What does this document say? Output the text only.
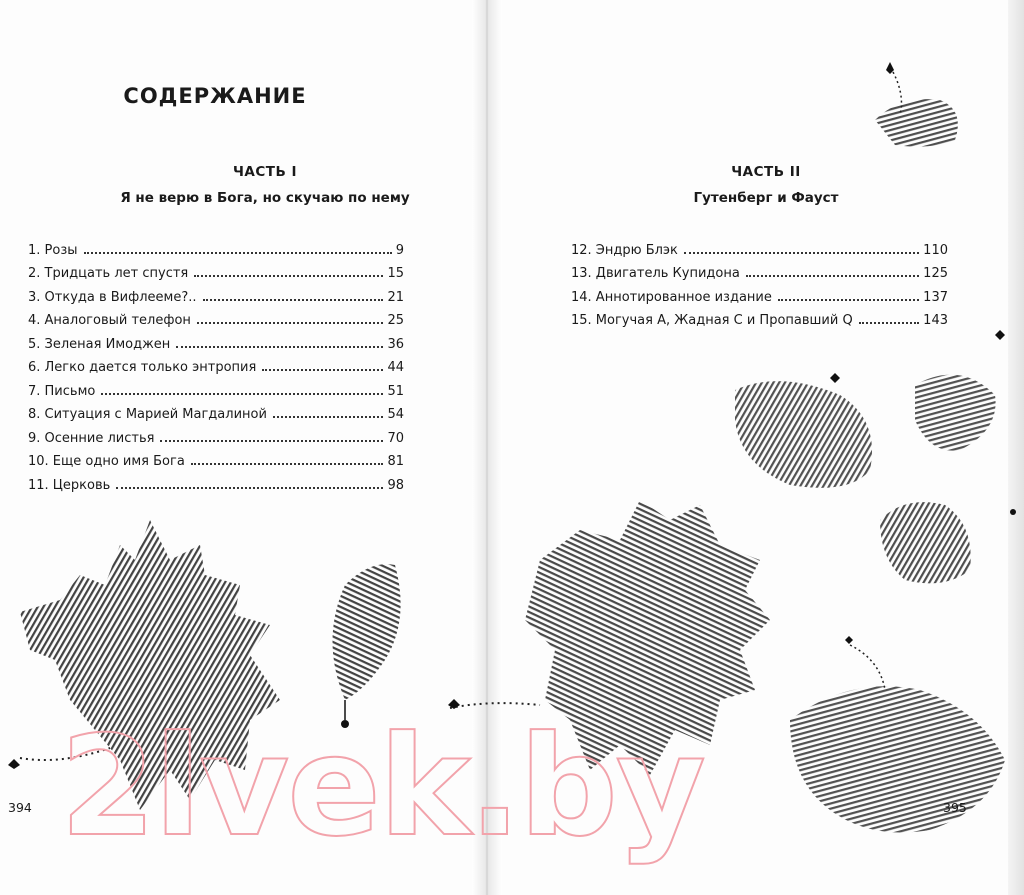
2lvek.by
СОДЕРЖАНИЕ
ЧАСТЬ I
Я не верю в Бога, но скучаю по нему
1. Розы	9
2. Тридцать лет спустя	15
3. Откуда в Вифлееме?..	21
4. Аналоговый телефон	25
5. Зеленая Имоджен	36
6. Легко дается только энтропия	44
7. Письмо	51
8. Ситуация с Марией Магдалиной	54
9. Осенние листья	70
10. Еще одно имя Бога	81
11. Церковь	98
394
ЧАСТЬ II
Гутенберг и Фауст
12. Эндрю Блэк	110
13. Двигатель Купидона	125
14. Аннотированное издание	137
15. Могучая А, Жадная С и Пропавший Q	143
395
